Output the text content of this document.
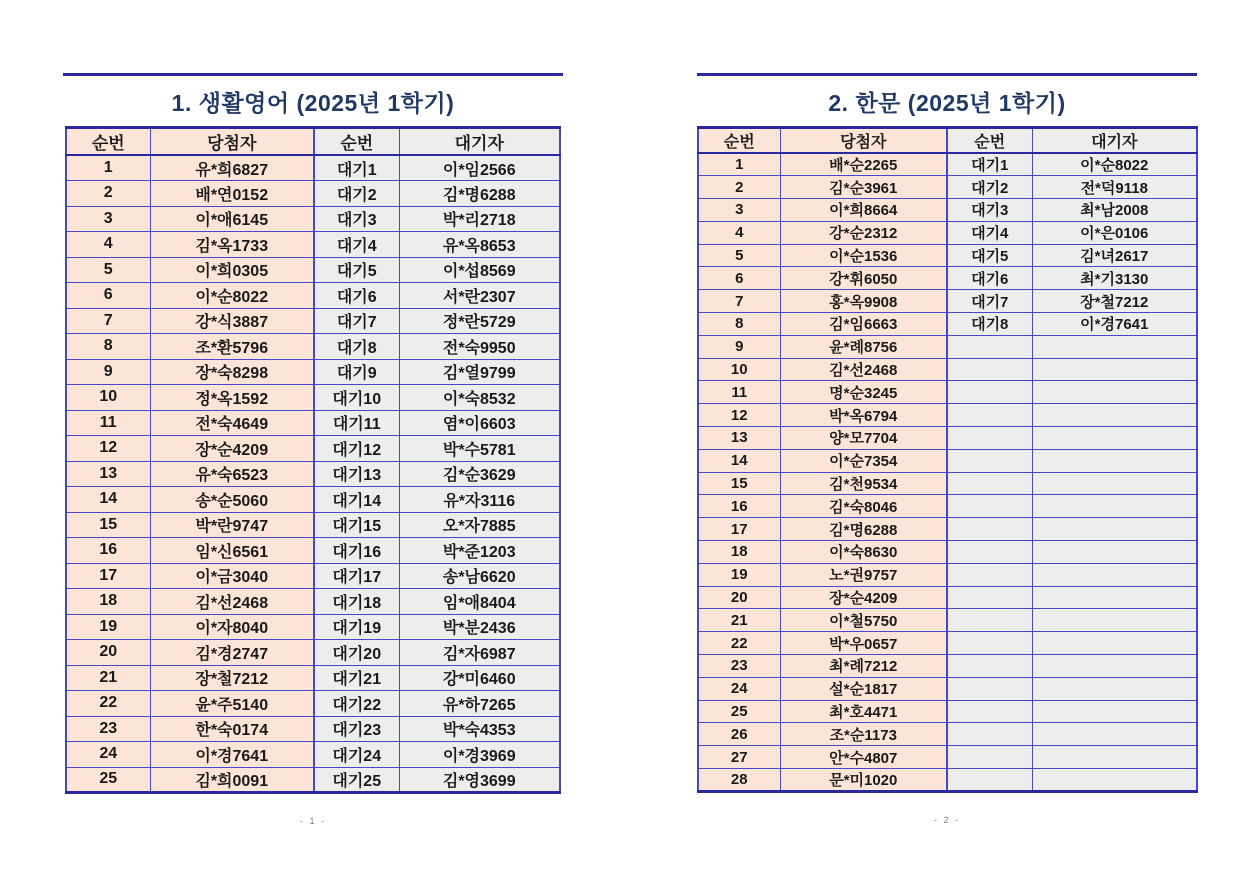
1. 생활영어 (2025년 1학기)
순번	당첨자	순번	대기자
1	유*희6827	대기1	이*임2566
2	배*연0152	대기2	김*명6288
3	이*애6145	대기3	박*리2718
4	김*옥1733	대기4	유*옥8653
5	이*희0305	대기5	이*섭8569
6	이*순8022	대기6	서*란2307
7	강*식3887	대기7	정*란5729
8	조*환5796	대기8	전*숙9950
9	장*숙8298	대기9	김*열9799
10	정*옥1592	대기10	이*숙8532
11	전*숙4649	대기11	염*이6603
12	장*순4209	대기12	박*수5781
13	유*숙6523	대기13	김*순3629
14	송*순5060	대기14	유*자3116
15	박*란9747	대기15	오*자7885
16	임*신6561	대기16	박*준1203
17	이*금3040	대기17	송*남6620
18	김*선2468	대기18	임*애8404
19	이*자8040	대기19	박*분2436
20	김*경2747	대기20	김*자6987
21	장*철7212	대기21	강*미6460
22	윤*주5140	대기22	유*하7265
23	한*숙0174	대기23	박*숙4353
24	이*경7641	대기24	이*경3969
25	김*희0091	대기25	김*영3699
- 1 -
2. 한문 (2025년 1학기)
순번	당첨자	순번	대기자
1	배*순2265	대기1	이*순8022
2	김*순3961	대기2	전*덕9118
3	이*희8664	대기3	최*남2008
4	강*순2312	대기4	이*은0106
5	이*순1536	대기5	김*녀2617
6	강*휘6050	대기6	최*기3130
7	홍*옥9908	대기7	장*철7212
8	김*임6663	대기8	이*경7641
9	윤*례8756		
10	김*선2468		
11	명*순3245		
12	박*옥6794		
13	양*모7704		
14	이*순7354		
15	김*천9534		
16	김*숙8046		
17	김*명6288		
18	이*숙8630		
19	노*권9757		
20	장*순4209		
21	이*철5750		
22	박*우0657		
23	최*례7212		
24	설*순1817		
25	최*호4471		
26	조*순1173		
27	안*수4807		
28	문*미1020		
- 2 -
